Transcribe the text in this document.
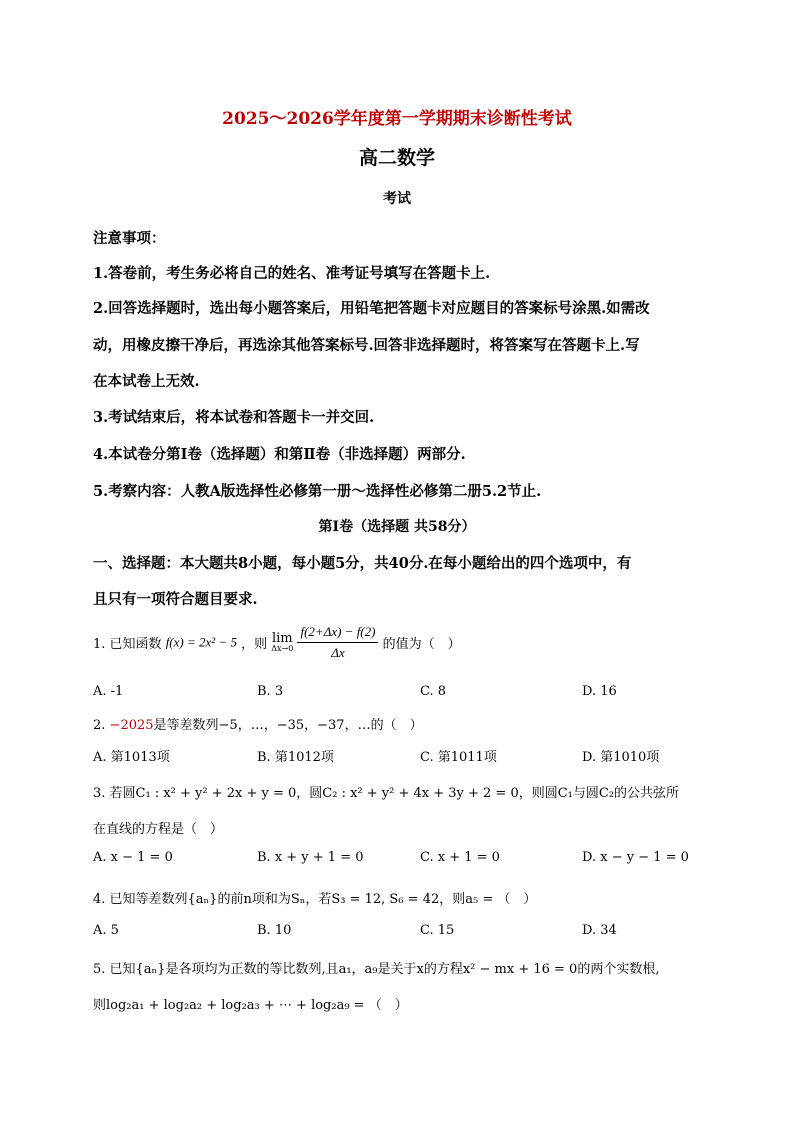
2025～2026学年度第一学期期末诊断性考试
高二数学
考试
注意事项：
1.答卷前，考生务必将自己的姓名、准考证号填写在答题卡上.
2.回答选择题时，选出每小题答案后，用铅笔把答题卡对应题目的答案标号涂黑.如需改
动，用橡皮擦干净后，再选涂其他答案标号.回答非选择题时，将答案写在答题卡上.写
在本试卷上无效.
3.考试结束后，将本试卷和答题卡一并交回.
4.本试卷分第Ⅰ卷（选择题）和第Ⅱ卷（非选择题）两部分.
5.考察内容：人教A版选择性必修第一册～选择性必修第二册5.2节止.
第Ⅰ卷（选择题 共58分）
一、选择题：本大题共8小题，每小题5分，共40分.在每小题给出的四个选项中，有
且只有一项符合题目要求.
1. 已知函数 f(x) = 2x² − 5 ，则 lim
Δx→0
$\frac{f(2+\Delta x) - f(2)}{\Delta x}$ 的值为（　）
A. -1	B. 3	C. 8	D. 16
2. −2025是等差数列−5，…，−35，−37，…的（　）
A. 第1013项	B. 第1012项	C. 第1011项	D. 第1010项
3. 若圆C₁ : x² + y² + 2x + y = 0，圆C₂ : x² + y² + 4x + 3y + 2 = 0，则圆C₁与圆C₂的公共弦所
在直线的方程是（　）
A. x − 1 = 0	B. x + y + 1 = 0	C. x + 1 = 0	D. x − y − 1 = 0
4. 已知等差数列{aₙ}的前n项和为Sₙ，若S₃ = 12, S₆ = 42，则a₅ = （　）
A. 5	B. 10	C. 15	D. 34
5. 已知{aₙ}是各项均为正数的等比数列,且a₁，a₉是关于x的方程x² − mx + 16 = 0的两个实数根,
则log₂a₁ + log₂a₂ + log₂a₃ + ⋯ + log₂a₉ = （　）
